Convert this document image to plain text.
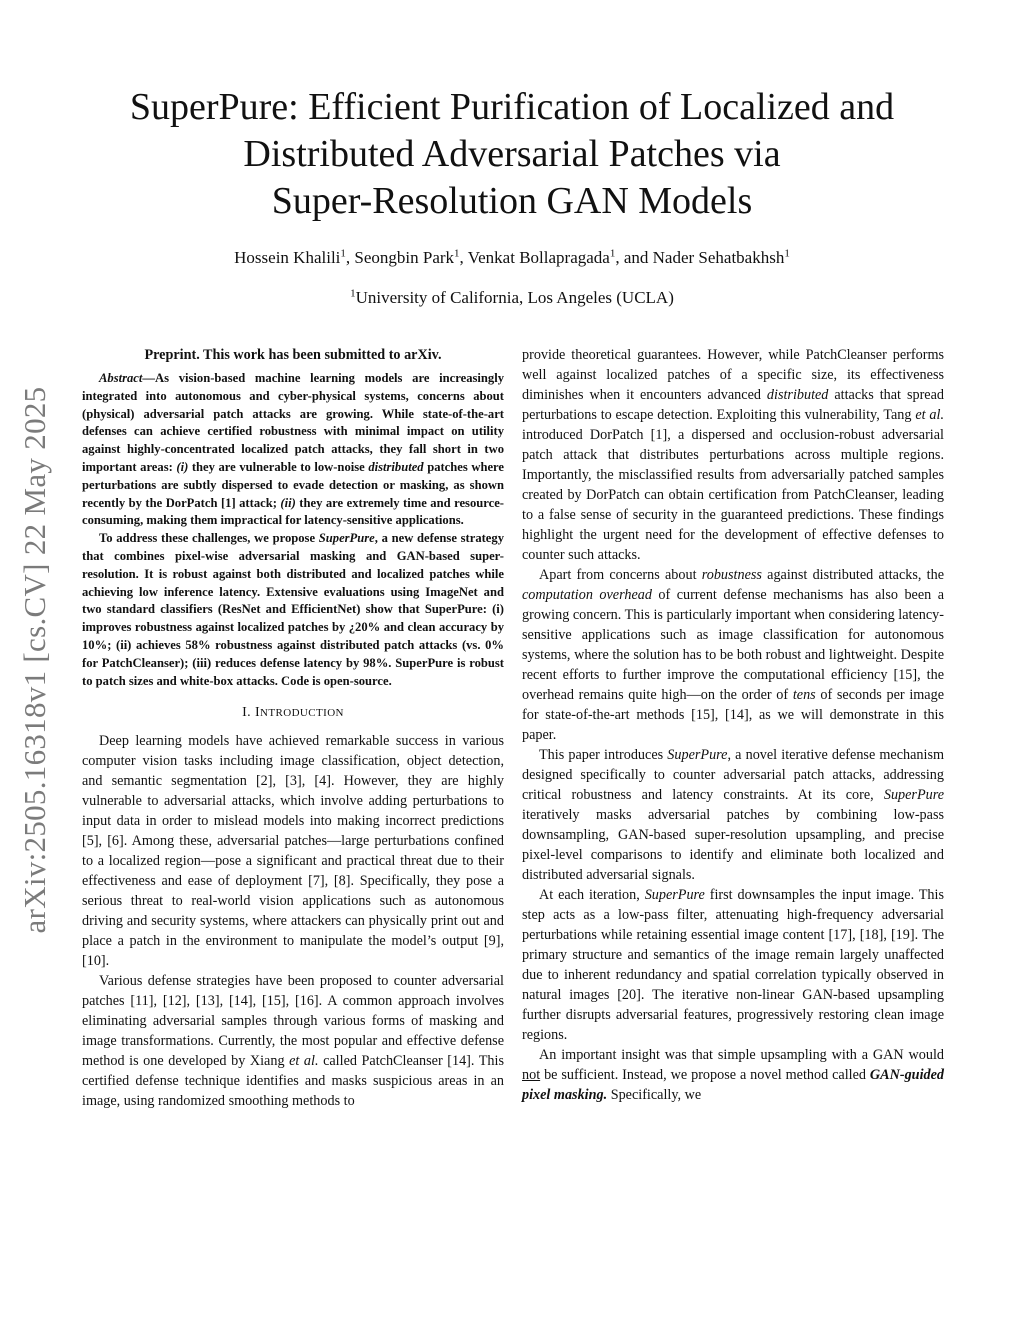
arXiv:2505.16318v1 [cs.CV] 22 May 2025
SuperPure: Efficient Purification of Localized and
Distributed Adversarial Patches via
Super-Resolution GAN Models
Hossein Khalili$^1$, Seongbin Park$^1$, Venkat Bollapragada$^1$, and Nader Sehatbakhsh$^1$
$^1$University of California, Los Angeles (UCLA)
Preprint. This work has been submitted to arXiv.

Abstract—As vision-based machine learning models are increasingly integrated into autonomous and cyber-physical systems, concerns about (physical) adversarial patch attacks are growing. While state-of-the-art defenses can achieve certified robustness with minimal impact on utility against highly-concentrated localized patch attacks, they fall short in two important areas: (i) they are vulnerable to low-noise distributed patches where perturbations are subtly dispersed to evade detection or masking, as shown recently by the DorPatch [1] attack; (ii) they are extremely time and resource-consuming, making them impractical for latency-sensitive applications.

To address these challenges, we propose SuperPure, a new defense strategy that combines pixel-wise adversarial masking and GAN-based super-resolution. It is robust against both distributed and localized patches while achieving low inference latency. Extensive evaluations using ImageNet and two standard classifiers (ResNet and EfficientNet) show that SuperPure: (i) improves robustness against localized patches by ¿20% and clean accuracy by 10%; (ii) achieves 58% robustness against distributed patch attacks (vs. 0% for PatchCleanser); (iii) reduces defense latency by 98%. SuperPure is robust to patch sizes and white-box attacks. Code is open-source.

I. INTRODUCTION

Deep learning models have achieved remarkable success in various computer vision tasks including image classification, object detection, and semantic segmentation [2], [3], [4]. However, they are highly vulnerable to adversarial attacks, which involve adding perturbations to input data in order to mislead models into making incorrect predictions [5], [6]. Among these, adversarial patches—large perturbations confined to a localized region—pose a significant and practical threat due to their effectiveness and ease of deployment [7], [8]. Specifically, they pose a serious threat to real-world vision applications such as autonomous driving and security systems, where attackers can physically print out and place a patch in the environment to manipulate the model’s output [9], [10].

Various defense strategies have been proposed to counter adversarial patches [11], [12], [13], [14], [15], [16]. A common approach involves eliminating adversarial samples through various forms of masking and image transformations. Currently, the most popular and effective defense method is one developed by Xiang et al. called PatchCleanser [14]. This certified defense technique identifies and masks suspicious areas in an image, using randomized smoothing methods to

provide theoretical guarantees. However, while PatchCleanser performs well against localized patches of a specific size, its effectiveness diminishes when it encounters advanced distributed attacks that spread perturbations to escape detection. Exploiting this vulnerability, Tang et al. introduced DorPatch [1], a dispersed and occlusion-robust adversarial patch attack that distributes perturbations across multiple regions. Importantly, the misclassified results from adversarially patched samples created by DorPatch can obtain certification from PatchCleanser, leading to a false sense of security in the guaranteed predictions. These findings highlight the urgent need for the development of effective defenses to counter such attacks.

Apart from concerns about robustness against distributed attacks, the computation overhead of current defense mechanisms has also been a growing concern. This is particularly important when considering latency-sensitive applications such as image classification for autonomous systems, where the solution has to be both robust and lightweight. Despite recent efforts to further improve the computational efficiency [15], the overhead remains quite high—on the order of tens of seconds per image for state-of-the-art methods [15], [14], as we will demonstrate in this paper.

This paper introduces SuperPure, a novel iterative defense mechanism designed specifically to counter adversarial patch attacks, addressing critical robustness and latency constraints. At its core, SuperPure iteratively masks adversarial patches by combining low-pass downsampling, GAN-based super-resolution upsampling, and precise pixel-level comparisons to identify and eliminate both localized and distributed adversarial signals.

At each iteration, SuperPure first downsamples the input image. This step acts as a low-pass filter, attenuating high-frequency adversarial perturbations while retaining essential image content [17], [18], [19]. The primary structure and semantics of the image remain largely unaffected due to inherent redundancy and spatial correlation typically observed in natural images [20]. The iterative non-linear GAN-based upsampling further disrupts adversarial features, progressively restoring clean image regions.

An important insight was that simple upsampling with a GAN would not be sufficient. Instead, we propose a novel method called GAN-guided pixel masking. Specifically, we
